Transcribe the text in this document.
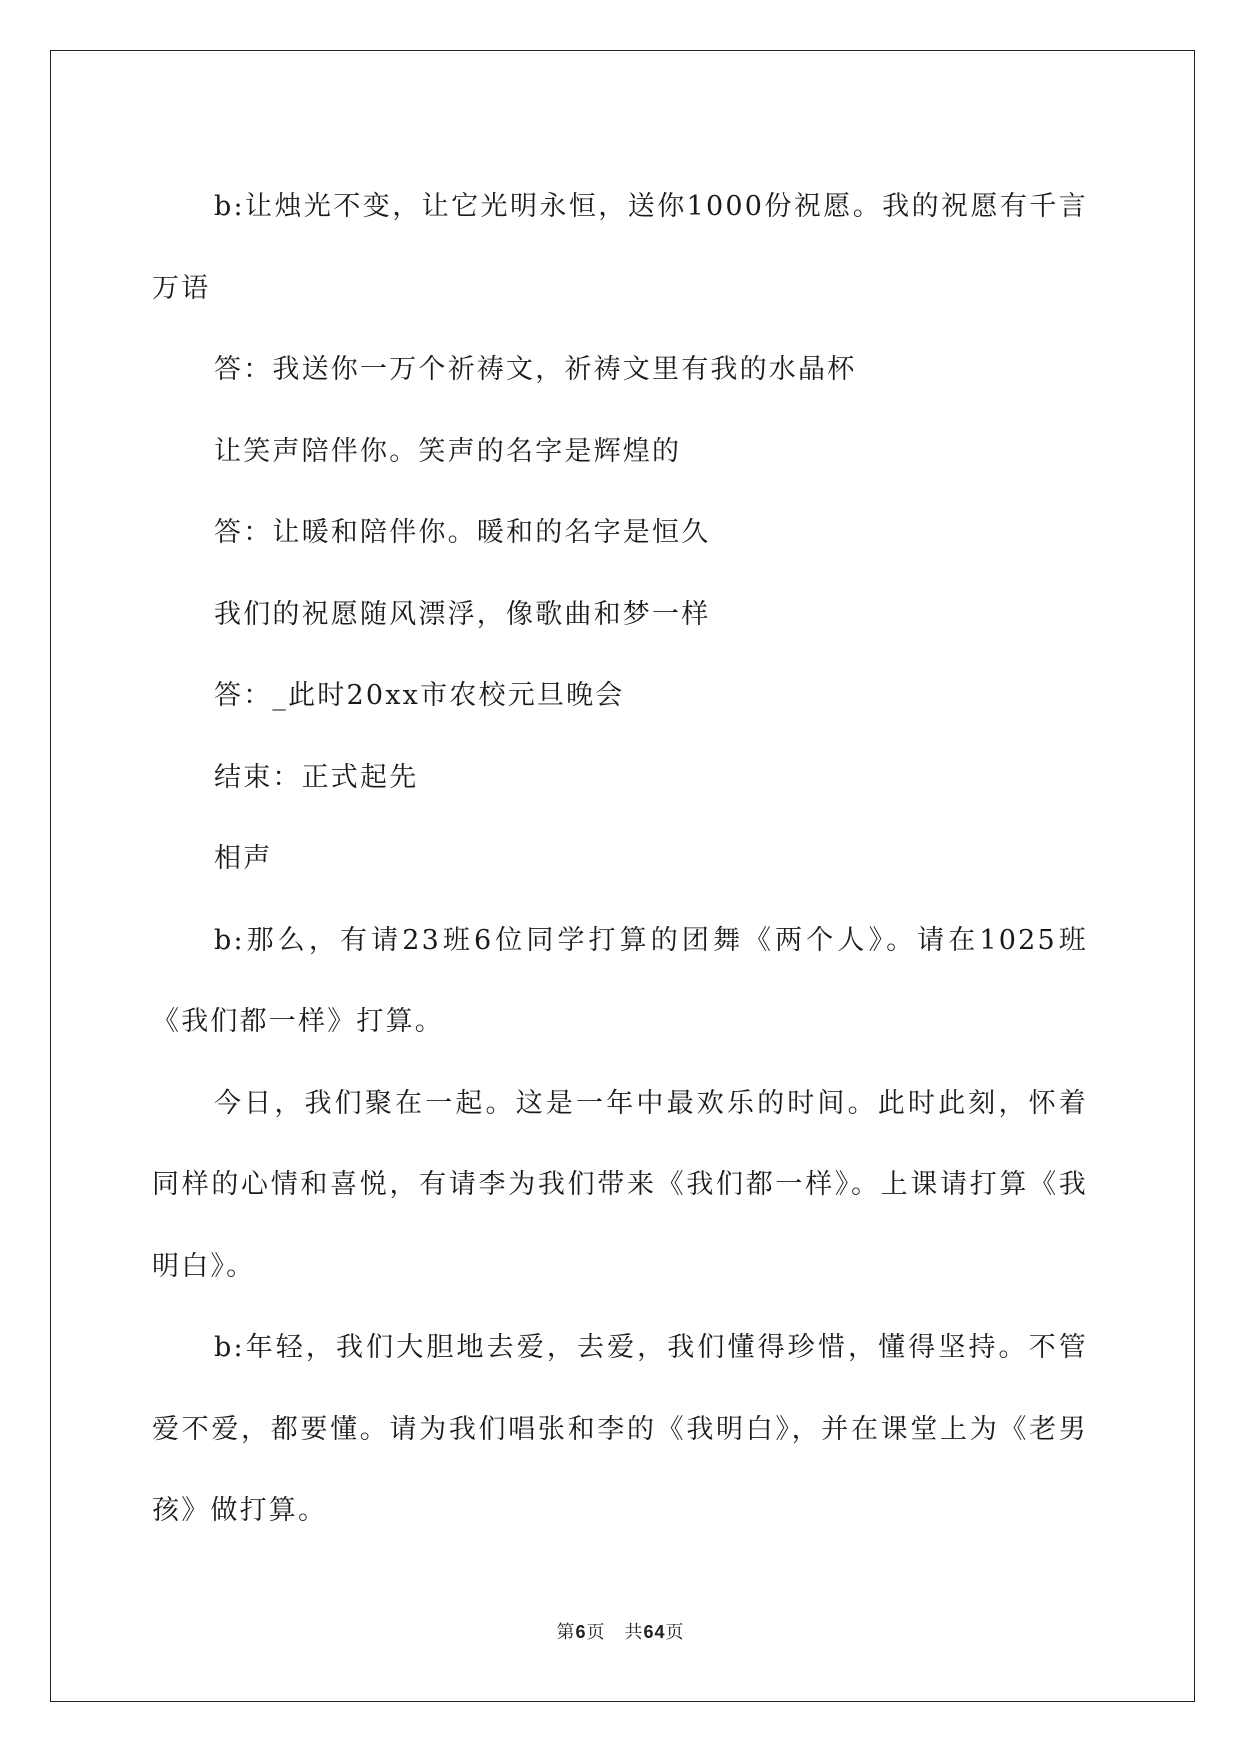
b:让烛光不变，让它光明永恒，送你1000份祝愿。我的祝愿有千言万语

答：我送你一万个祈祷文，祈祷文里有我的水晶杯

让笑声陪伴你。笑声的名字是辉煌的

答：让暖和陪伴你。暖和的名字是恒久

我们的祝愿随风漂浮，像歌曲和梦一样

答：_此时20xx市农校元旦晚会

结束：正式起先

相声

b:那么，有请23班6位同学打算的团舞《两个人》。请在1025班《我们都一样》打算。

今日，我们聚在一起。这是一年中最欢乐的时间。此时此刻，怀着同样的心情和喜悦，有请李为我们带来《我们都一样》。上课请打算《我明白》。

b:年轻，我们大胆地去爱，去爱，我们懂得珍惜，懂得坚持。不管爱不爱，都要懂。请为我们唱张和李的《我明白》，并在课堂上为《老男孩》做打算。

第6页　共64页
